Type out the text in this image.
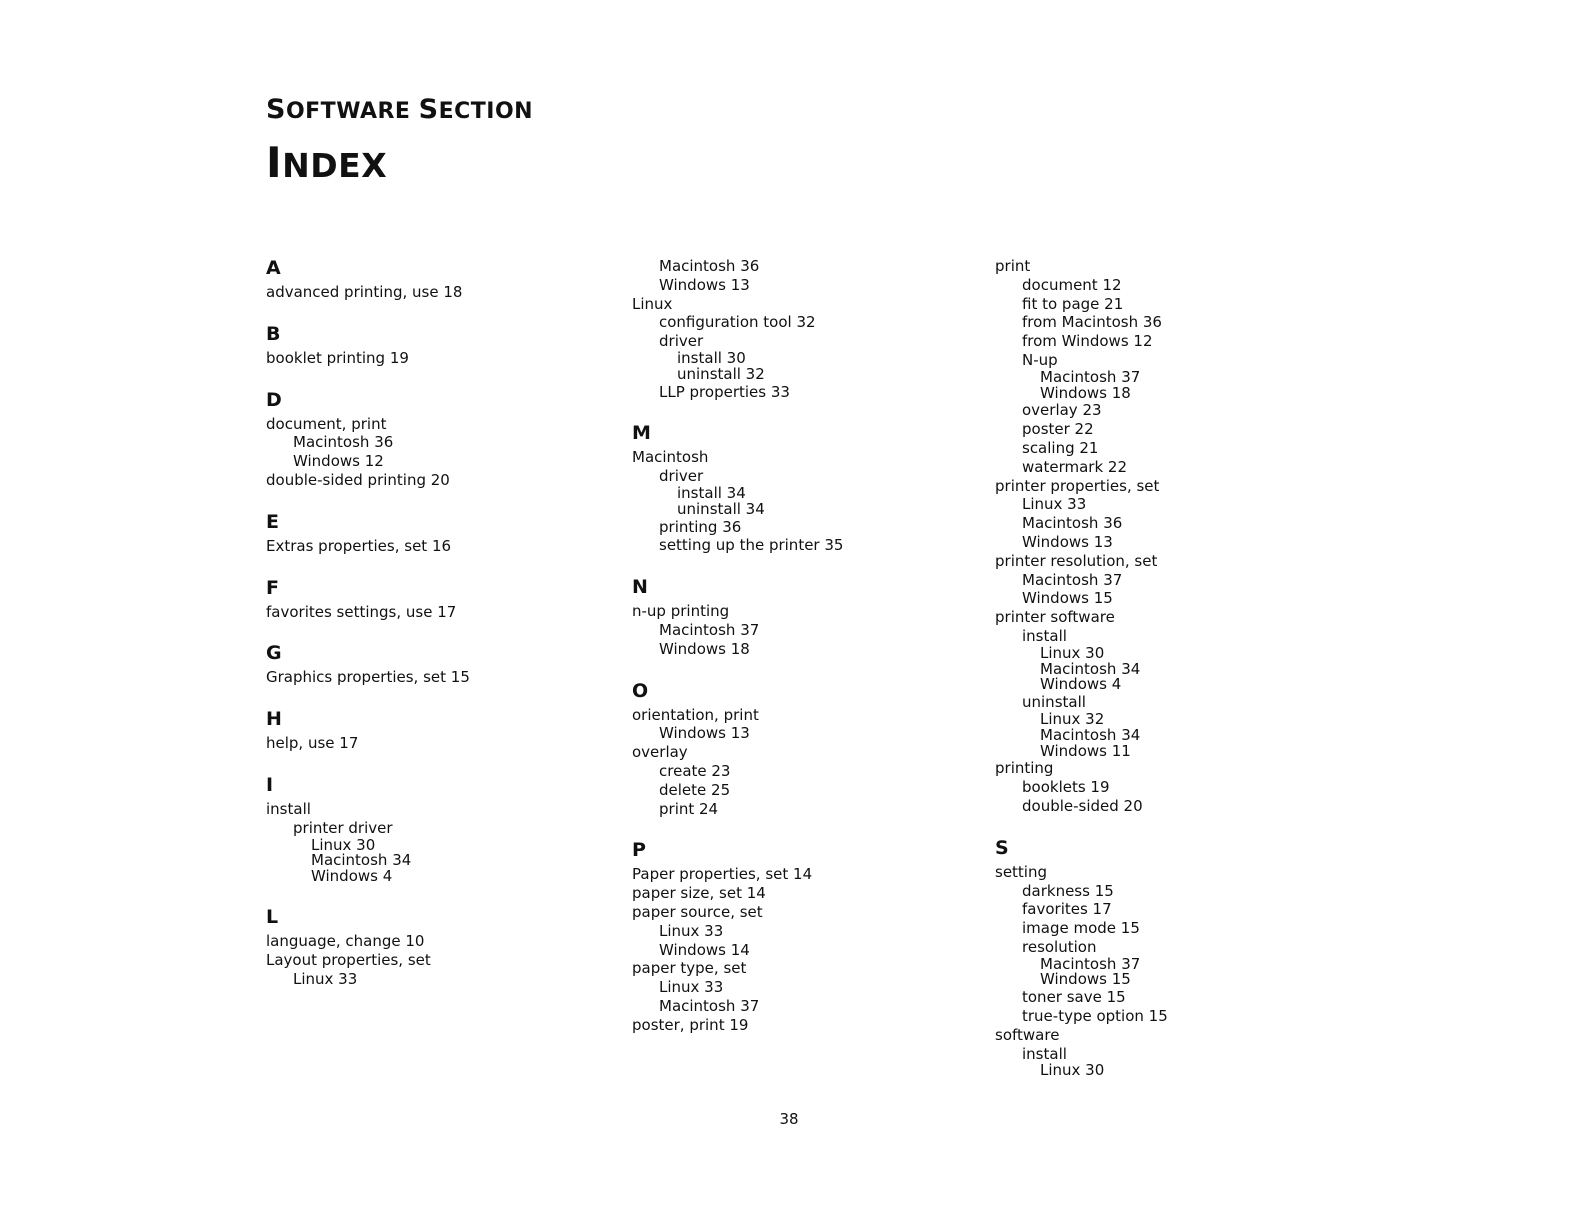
SOFTWARE SECTION
INDEX
A
advanced printing, use 18
B
booklet printing 19
D
document, print
Macintosh 36
Windows 12
double-sided printing 20
E
Extras properties, set 16
F
favorites settings, use 17
G
Graphics properties, set 15
H
help, use 17
I
install
printer driver
Linux 30
Macintosh 34
Windows 4
L
language, change 10
Layout properties, set
Linux 33
Macintosh 36
Windows 13
Linux
configuration tool 32
driver
install 30
uninstall 32
LLP properties 33
M
Macintosh
driver
install 34
uninstall 34
printing 36
setting up the printer 35
N
n-up printing
Macintosh 37
Windows 18
O
orientation, print
Windows 13
overlay
create 23
delete 25
print 24
P
Paper properties, set 14
paper size, set 14
paper source, set
Linux 33
Windows 14
paper type, set
Linux 33
Macintosh 37
poster, print 19
print
document 12
fit to page 21
from Macintosh 36
from Windows 12
N-up
Macintosh 37
Windows 18
overlay 23
poster 22
scaling 21
watermark 22
printer properties, set
Linux 33
Macintosh 36
Windows 13
printer resolution, set
Macintosh 37
Windows 15
printer software
install
Linux 30
Macintosh 34
Windows 4
uninstall
Linux 32
Macintosh 34
Windows 11
printing
booklets 19
double-sided 20
S
setting
darkness 15
favorites 17
image mode 15
resolution
Macintosh 37
Windows 15
toner save 15
true-type option 15
software
install
Linux 30
38
